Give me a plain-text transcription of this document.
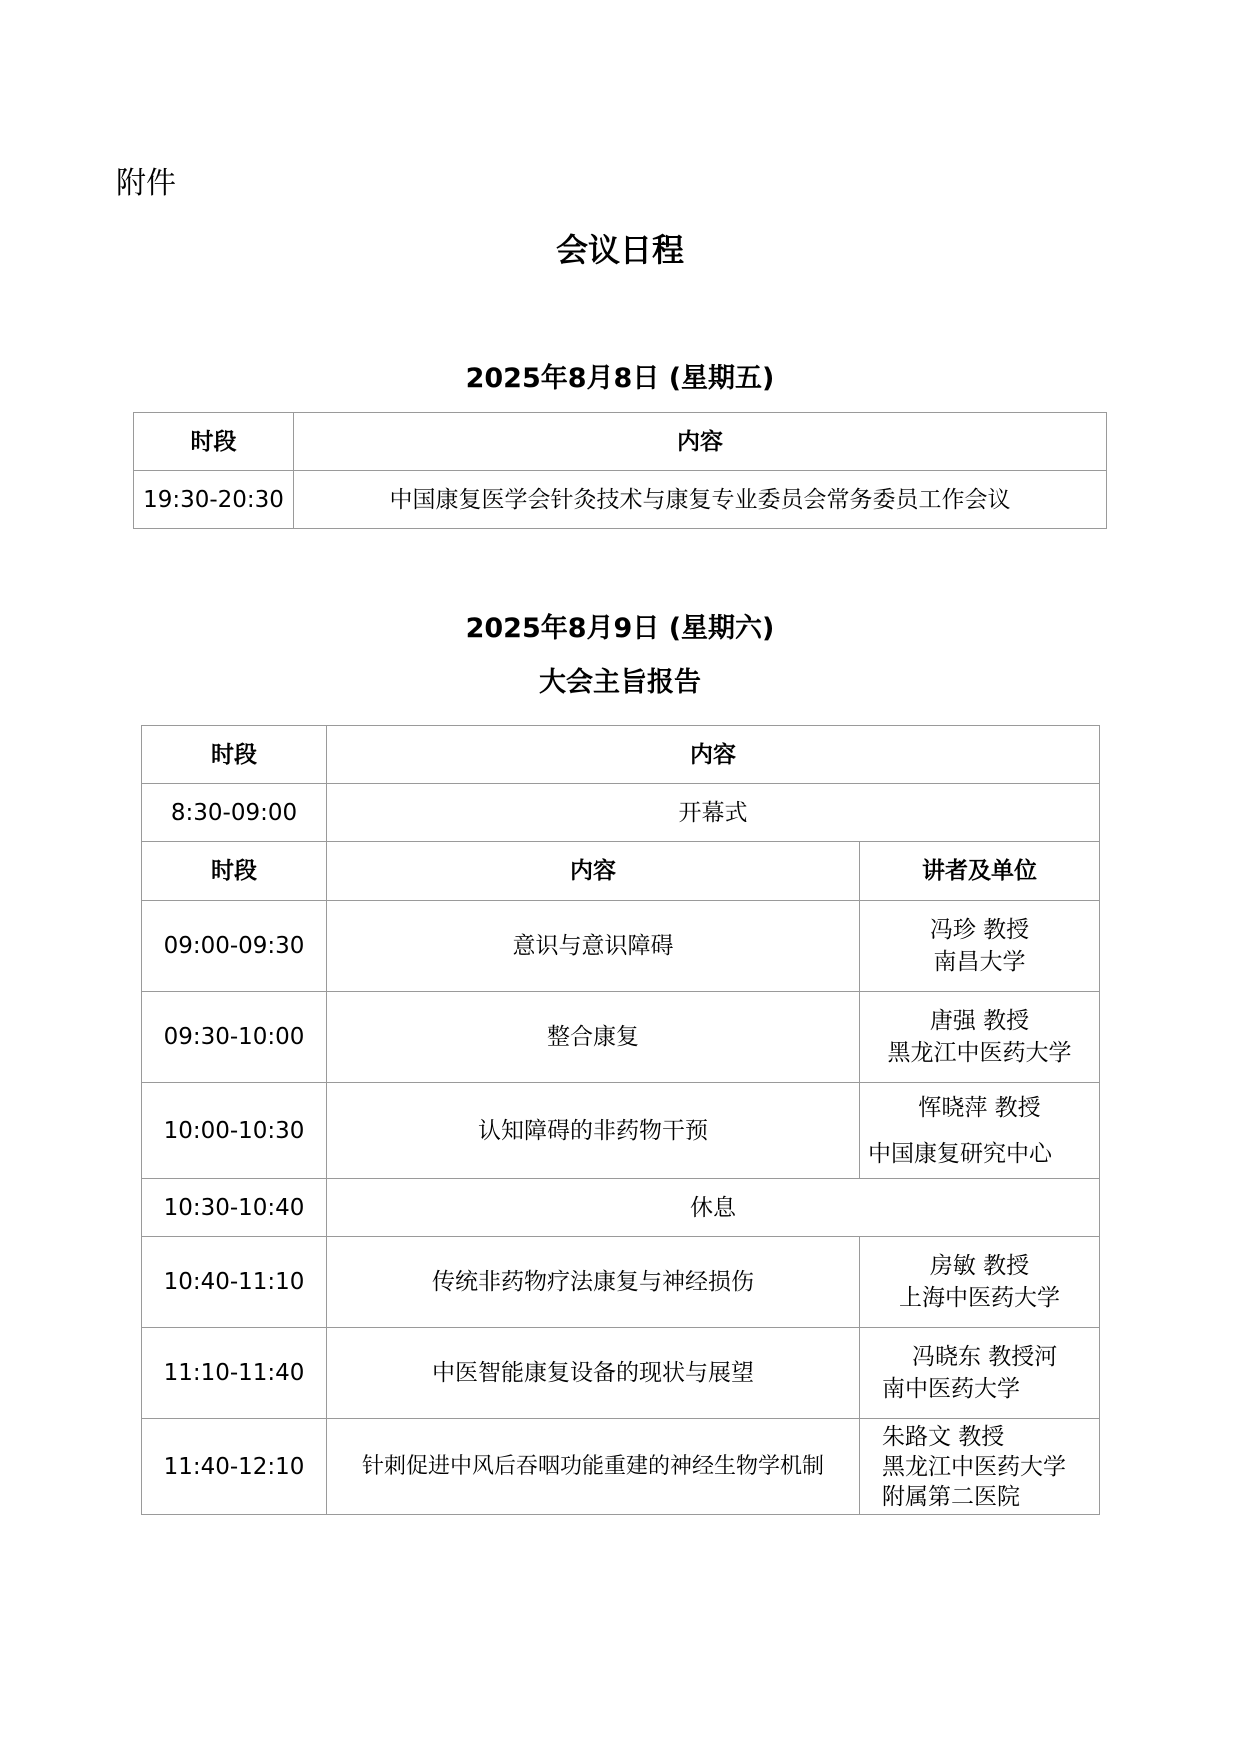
附件
会议日程
2025年8月8日 (星期五)
时段	内容
19:30-20:30	中国康复医学会针灸技术与康复专业委员会常务委员工作会议
2025年8月9日 (星期六)
大会主旨报告
时段	内容	
8:30-09:00	开幕式	
时段	内容	讲者及单位
09:00-09:30	意识与意识障碍	冯珍 教授
南昌大学

09:30-10:00	整合康复	唐强 教授
黑龙江中医药大学

10:00-10:30	认知障碍的非药物干预	恽晓萍 教授
中国康复研究中心

10:30-10:40	休息	
10:40-11:10	传统非药物疗法康复与神经损伤	房敏 教授
上海中医药大学

11:10-11:40	中医智能康复设备的现状与展望	冯晓东 教授河
南中医药大学

11:40-12:10	针刺促进中风后吞咽功能重建的神经生物学机制	朱路文 教授
黑龙江中医药大学
附属第二医院
